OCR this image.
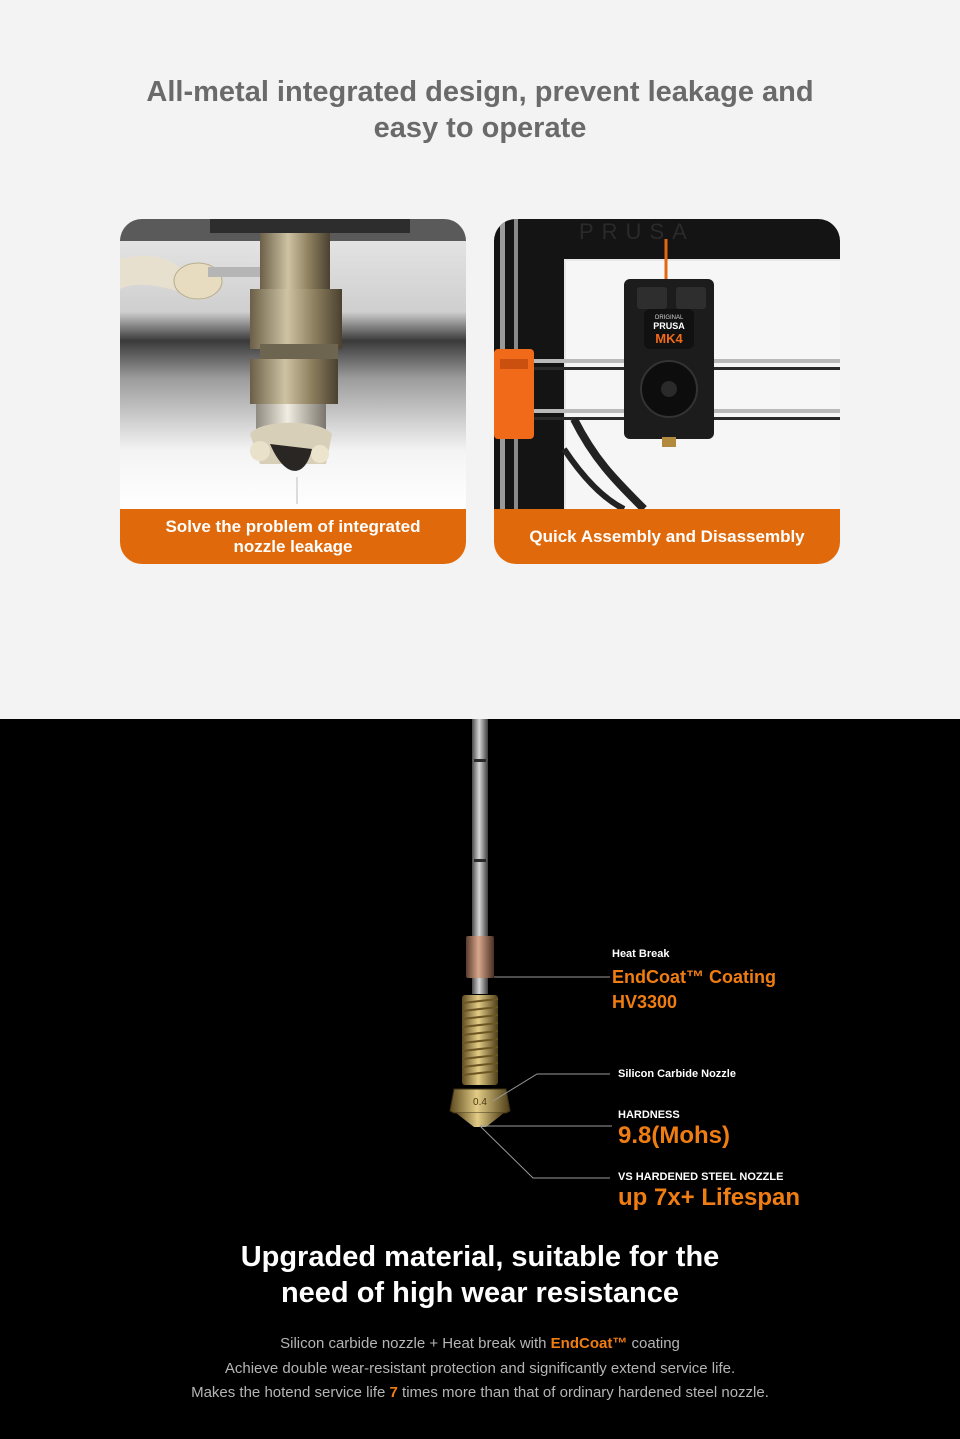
All-metal integrated design, prevent leakage and
easy to operate
Solve the problem of integrated
nozzle leakage
PRUSA
ORIGINAL
PRUSA
MK4
Quick Assembly and Disassembly
0.4
Heat Break
EndCoat™ Coating
HV3300
Silicon Carbide Nozzle
HARDNESS
9.8(Mohs)
VS HARDENED STEEL NOZZLE
up 7x+ Lifespan
Upgraded material, suitable for the
need of high wear resistance
Silicon carbide nozzle + Heat break with EndCoat™ coating
Achieve double wear-resistant protection and significantly extend service life.
Makes the hotend service life 7 times more than that of ordinary hardened steel nozzle.
